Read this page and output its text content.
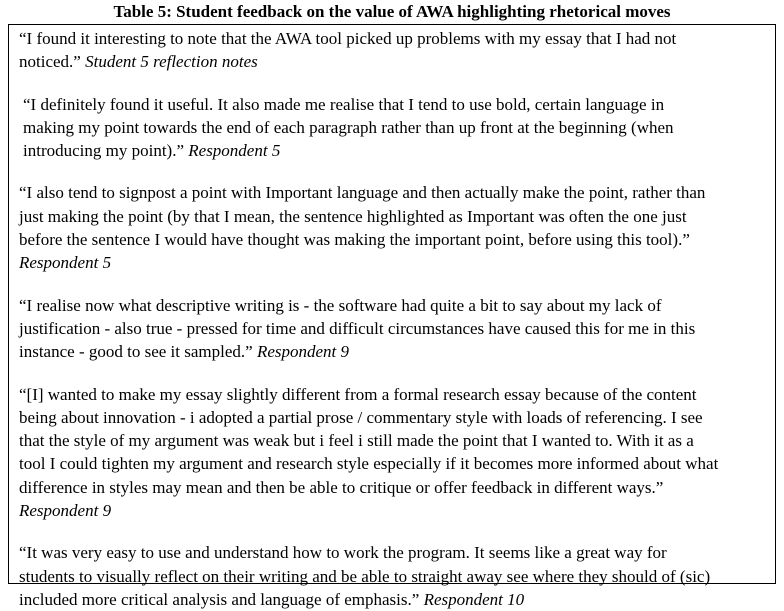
Table 5: Student feedback on the value of AWA highlighting rhetorical moves
“I found it interesting to note that the AWA tool picked up problems with my essay that I had not
noticed.” Student 5 reflection notes
“I definitely found it useful. It also made me realise that I tend to use bold, certain language in
making my point towards the end of each paragraph rather than up front at the beginning (when
introducing my point).” Respondent 5
“I also tend to signpost a point with Important language and then actually make the point, rather than
just making the point (by that I mean, the sentence highlighted as Important was often the one just
before the sentence I would have thought was making the important point, before using this tool).”
Respondent 5
“I realise now what descriptive writing is - the software had quite a bit to say about my lack of
justification - also true - pressed for time and difficult circumstances have caused this for me in this
instance - good to see it sampled.” Respondent 9
“[I] wanted to make my essay slightly different from a formal research essay because of the content
being about innovation - i adopted a partial prose / commentary style with loads of referencing. I see
that the style of my argument was weak but i feel i still made the point that I wanted to. With it as a
tool I could tighten my argument and research style especially if it becomes more informed about what
difference in styles may mean and then be able to critique or offer feedback in different ways.”
Respondent 9
“It was very easy to use and understand how to work the program. It seems like a great way for
students to visually reflect on their writing and be able to straight away see where they should of (sic)
included more critical analysis and language of emphasis.” Respondent 10
